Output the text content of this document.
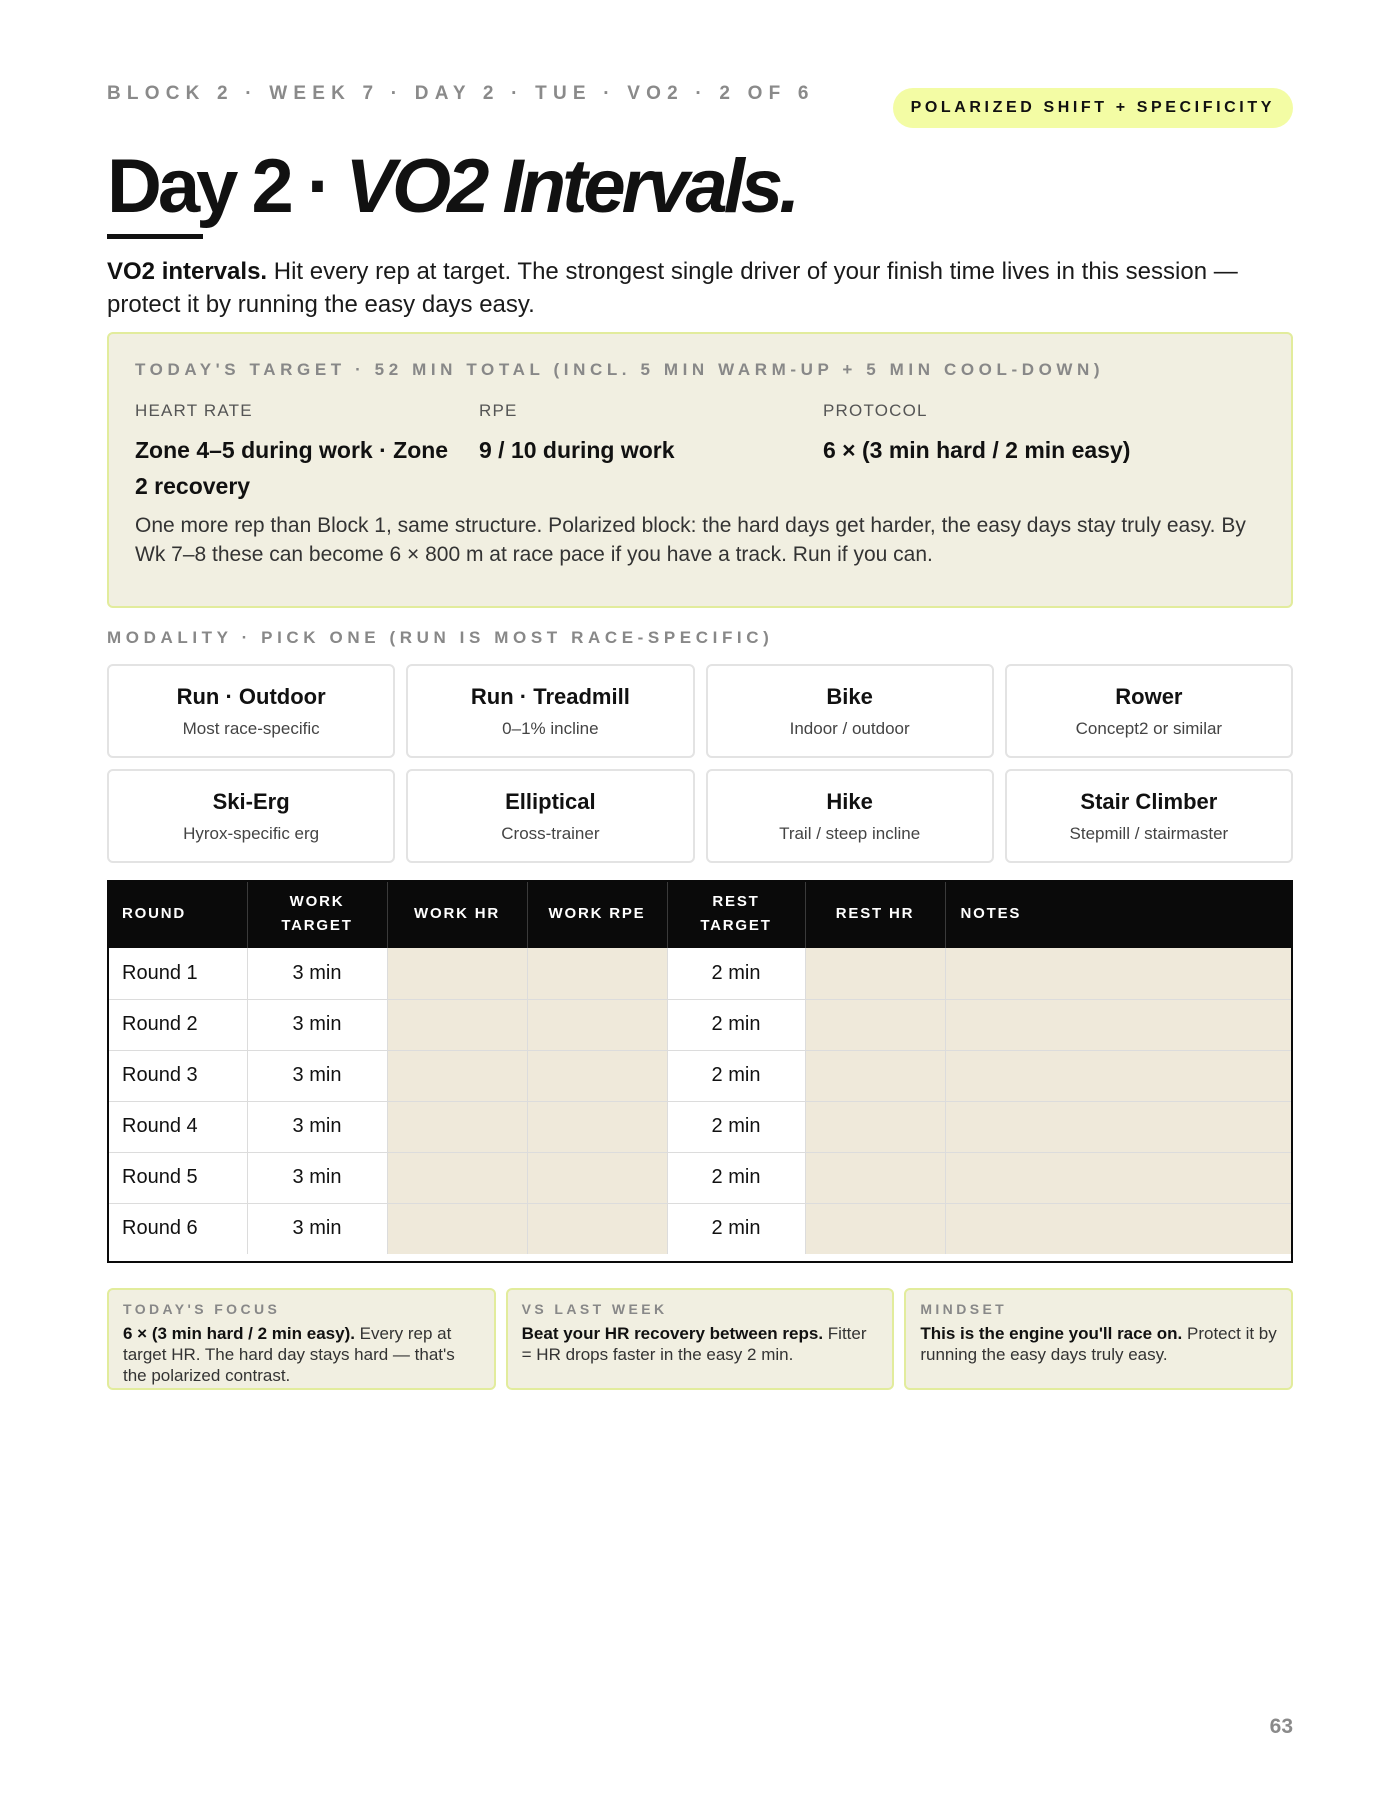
BLOCK 2 · WEEK 7 · DAY 2 · TUE · VO2 · 2 OF 6
POLARIZED SHIFT + SPECIFICITY
Day 2 · VO2 Intervals.

VO2 intervals. Hit every rep at target. The strongest single driver of your finish time lives in this session — protect it by running the easy days easy.

TODAY'S TARGET · 52 MIN TOTAL (INCL. 5 MIN WARM-UP + 5 MIN COOL-DOWN)
HEART RATE
Zone 4–5 during work · Zone 2 recovery
RPE
9 / 10 during work
PROTOCOL
6 × (3 min hard / 2 min easy)
One more rep than Block 1, same structure. Polarized block: the hard days get harder, the easy days stay truly easy. By Wk 7–8 these can become 6 × 800 m at race pace if you have a track. Run if you can.
MODALITY · PICK ONE (RUN IS MOST RACE-SPECIFIC)
Run · Outdoor
Most race-specific
Run · Treadmill
0–1% incline
Bike
Indoor / outdoor
Rower
Concept2 or similar
Ski-Erg
Hyrox-specific erg
Elliptical
Cross-trainer
Hike
Trail / steep incline
Stair Climber
Stepmill / stairmaster
ROUND	WORK TARGET	WORK HR	WORK RPE	REST TARGET	REST HR	NOTES
Round 1	3 min			2 min		
Round 2	3 min			2 min		
Round 3	3 min			2 min		
Round 4	3 min			2 min		
Round 5	3 min			2 min		
Round 6	3 min			2 min		
TODAY'S FOCUS
6 × (3 min hard / 2 min easy). Every rep at target HR. The hard day stays hard — that's the polarized contrast.
VS LAST WEEK
Beat your HR recovery between reps. Fitter = HR drops faster in the easy 2 min.
MINDSET
This is the engine you'll race on. Protect it by running the easy days truly easy.
63
